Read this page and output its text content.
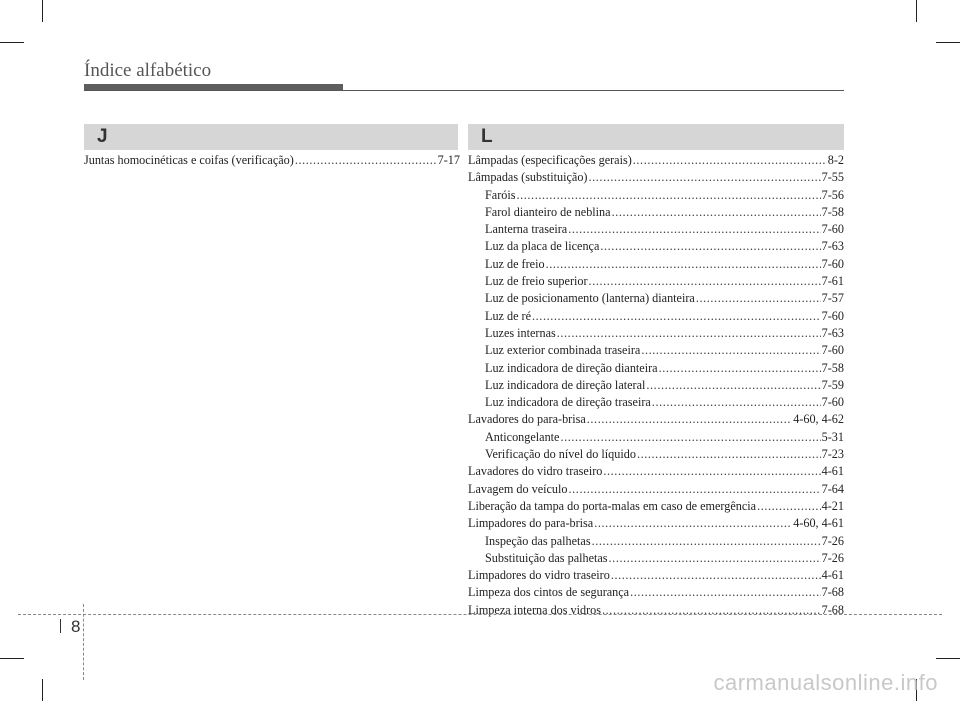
Índice alfabético
J
Juntas homocinéticas e coifas (verificação) .....	7-17
L
Lâmpadas (especificações gerais) .....	8-2
Lâmpadas (substituição) .....	7-55
Faróis .....	7-56
Farol dianteiro de neblina .....	7-58
Lanterna traseira .....	7-60
Luz da placa de licença .....	7-63
Luz de freio .....	7-60
Luz de freio superior .....	7-61
Luz de posicionamento (lanterna) dianteira .....	7-57
Luz de ré .....	7-60
Luzes internas .....	7-63
Luz exterior combinada traseira .....	7-60
Luz indicadora de direção dianteira .....	7-58
Luz indicadora de direção lateral .....	7-59
Luz indicadora de direção traseira .....	7-60
Lavadores do para-brisa .....	4-60, 4-62
Anticongelante .....	5-31
Verificação do nível do líquido .....	7-23
Lavadores do vidro traseiro .....	4-61
Lavagem do veículo .....	7-64
Liberação da tampa do porta-malas em caso de emergência .....	4-21
Limpadores do para-brisa .....	4-60, 4-61
Inspeção das palhetas .....	7-26
Substituição das palhetas .....	7-26
Limpadores do vidro traseiro .....	4-61
Limpeza dos cintos de segurança .....	7-68
Limpeza interna dos vidros .....	7-68
8
carmanualsonline.info
